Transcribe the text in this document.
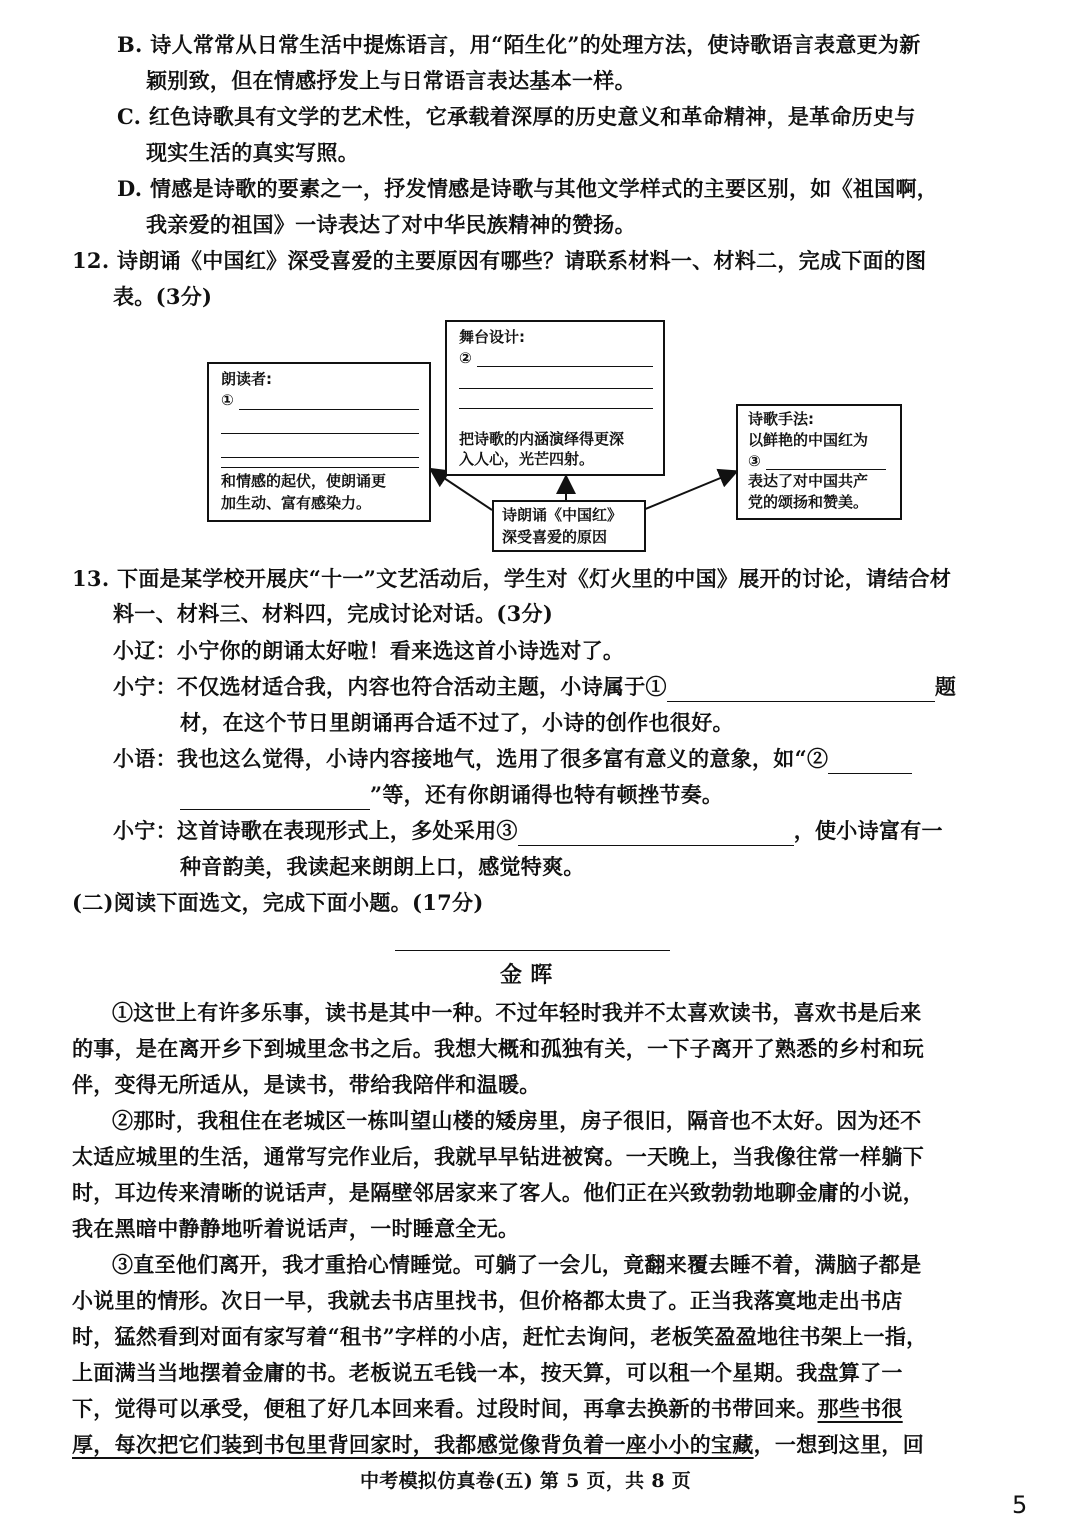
B. 诗人常常从日常生活中提炼语言，用“陌生化”的处理方法，使诗歌语言表意更为新
颖别致，但在情感抒发上与日常语言表达基本一样。
C. 红色诗歌具有文学的艺术性，它承载着深厚的历史意义和革命精神，是革命历史与
现实生活的真实写照。
D. 情感是诗歌的要素之一，抒发情感是诗歌与其他文学样式的主要区别，如《祖国啊，
我亲爱的祖国》一诗表达了对中华民族精神的赞扬。
12. 诗朗诵《中国红》深受喜爱的主要原因有哪些？请联系材料一、材料二，完成下面的图
表。(3分)
朗读者:
①
和情感的起伏，使朗诵更
加生动、富有感染力。
舞台设计:
②
把诗歌的内涵演绎得更深
入人心，光芒四射。
诗歌手法:
以鲜艳的中国红为
③
表达了对中国共产
党的颂扬和赞美。
诗朗诵《中国红》
深受喜爱的原因
13. 下面是某学校开展庆“十一”文艺活动后，学生对《灯火里的中国》展开的讨论，请结合材
料一、材料三、材料四，完成讨论对话。(3分)
小辽：小宁你的朗诵太好啦！看来选这首小诗选对了。
小宁：不仅选材适合我，内容也符合活动主题，小诗属于①	题
材，在这个节日里朗诵再合适不过了，小诗的创作也很好。
小语：我也这么觉得，小诗内容接地气，选用了很多富有意义的意象，如“②
”等，还有你朗诵得也特有顿挫节奏。
小宁：这首诗歌在表现形式上，多处采用③	，使小诗富有一
种音韵美，我读起来朗朗上口，感觉特爽。
(二)阅读下面选文，完成下面小题。(17分)
金 晖
①这世上有许多乐事，读书是其中一种。不过年轻时我并不太喜欢读书，喜欢书是后来
的事，是在离开乡下到城里念书之后。我想大概和孤独有关，一下子离开了熟悉的乡村和玩
伴，变得无所适从，是读书，带给我陪伴和温暖。
②那时，我租住在老城区一栋叫望山楼的矮房里，房子很旧，隔音也不太好。因为还不
太适应城里的生活，通常写完作业后，我就早早钻进被窝。一天晚上，当我像往常一样躺下
时，耳边传来清晰的说话声，是隔壁邻居家来了客人。他们正在兴致勃勃地聊金庸的小说，
我在黑暗中静静地听着说话声，一时睡意全无。
③直至他们离开，我才重拾心情睡觉。可躺了一会儿，竟翻来覆去睡不着，满脑子都是
小说里的情形。次日一早，我就去书店里找书，但价格都太贵了。正当我落寞地走出书店
时，猛然看到对面有家写着“租书”字样的小店，赶忙去询问，老板笑盈盈地往书架上一指，
上面满当当地摆着金庸的书。老板说五毛钱一本，按天算，可以租一个星期。我盘算了一
下，觉得可以承受，便租了好几本回来看。过段时间，再拿去换新的书带回来。那些书很
厚，每次把它们装到书包里背回家时，我都感觉像背负着一座小小的宝藏，一想到这里，回
中考模拟仿真卷(五) 第 5 页，共 8 页
5
